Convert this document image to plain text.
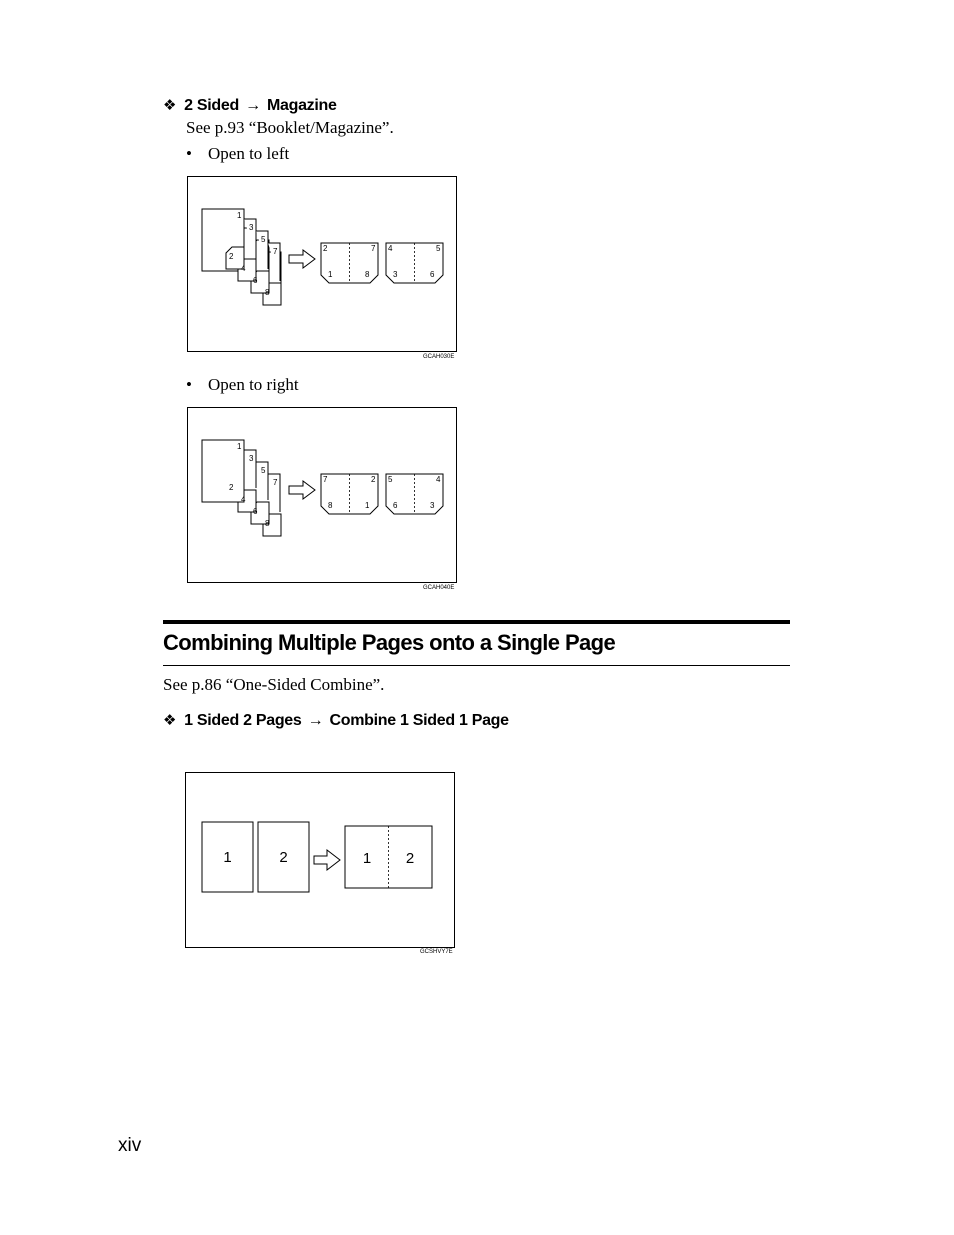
❖ 2 Sided → Magazine
See p.93 “Booklet/Magazine”.
• Open to left
1
3
5
7
2
4
6
8
2	7
1	8
4	5
3	6
GCAH030E
• Open to right
1
3
5
7
2
4
6
8
7	2
8	1
5	4
6	3
GCAH040E
Combining Multiple Pages onto a Single Page
See p.86 “One-Sided Combine”.
❖ 1 Sided 2 Pages → Combine 1 Sided 1 Page
1	2	1 2
GCSHVY7E
xiv
